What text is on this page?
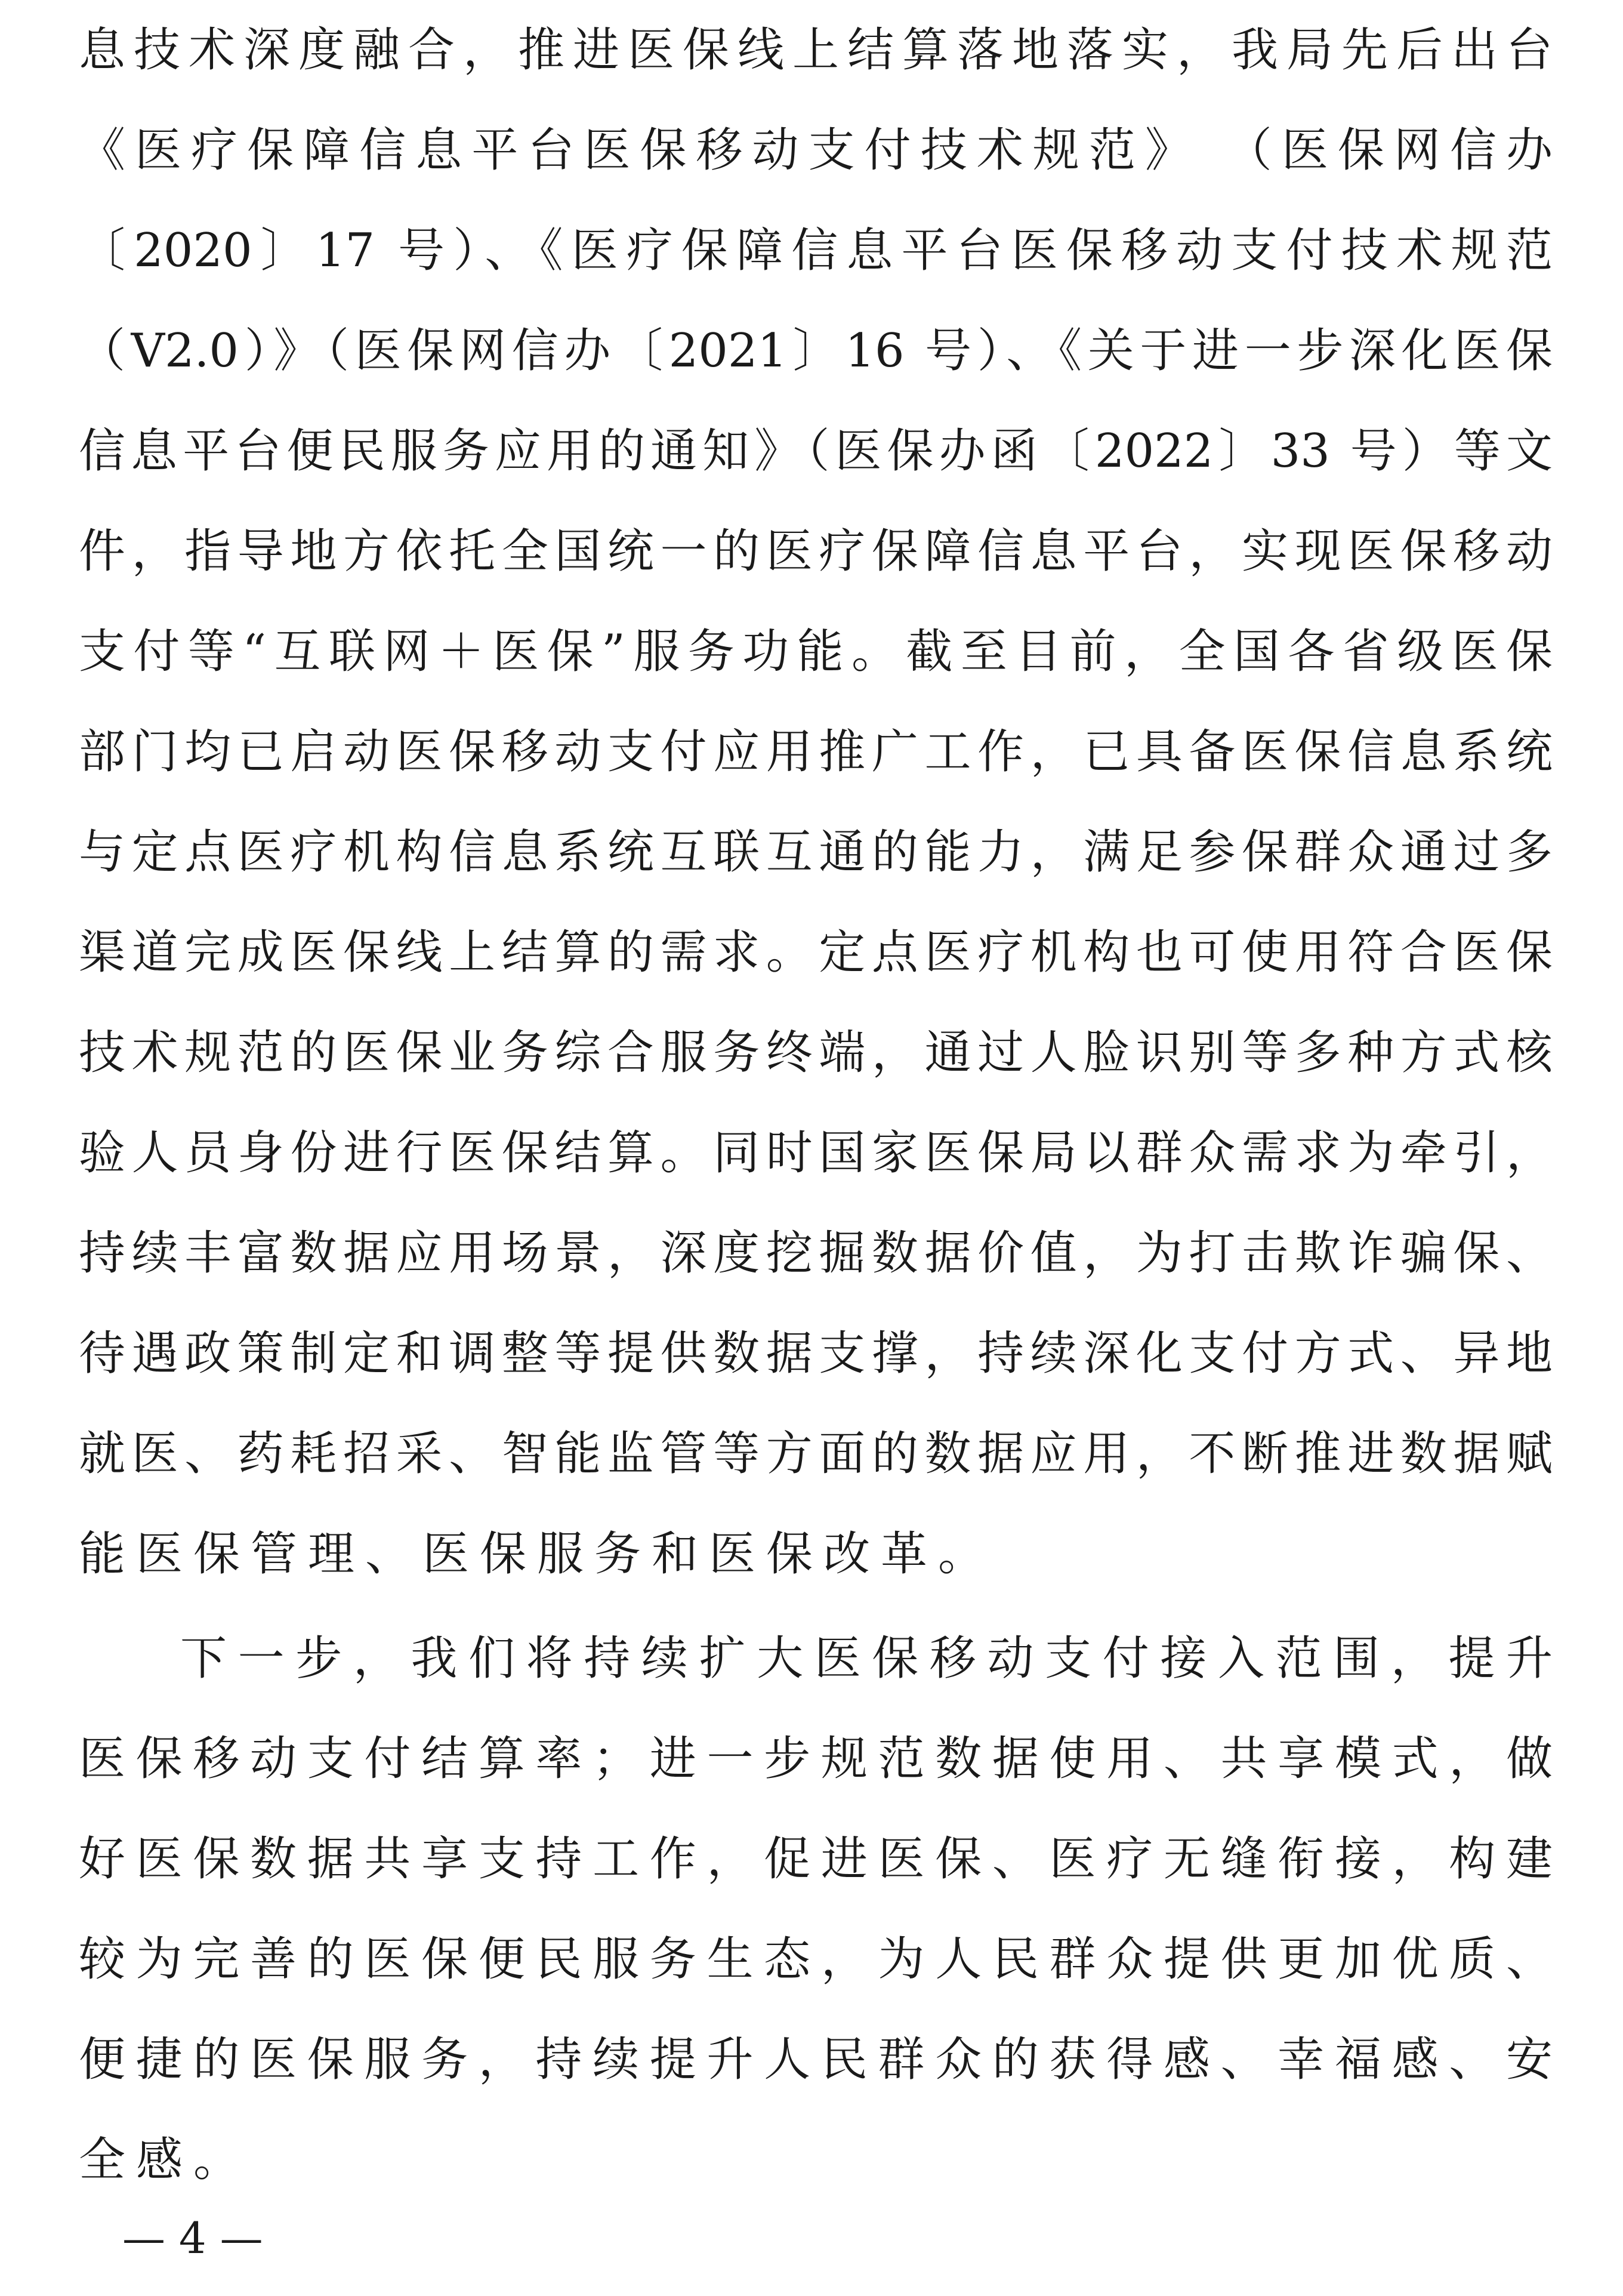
息技术深度融合，推进医保线上结算落地落实，我局先后出台
《医疗保障信息平台医保移动支付技术规范》 （医保网信办
〔2020〕17 号）、《医疗保障信息平台医保移动支付技术规范
（V2.0）》（医保网信办〔2021〕16 号）、《关于进一步深化医保
信息平台便民服务应用的通知》（医保办函〔2022〕33 号）等文
件，指导地方依托全国统一的医疗保障信息平台，实现医保移动
支付等“互联网＋医保”服务功能。截至目前，全国各省级医保
部门均已启动医保移动支付应用推广工作，已具备医保信息系统
与定点医疗机构信息系统互联互通的能力，满足参保群众通过多
渠道完成医保线上结算的需求。定点医疗机构也可使用符合医保
技术规范的医保业务综合服务终端，通过人脸识别等多种方式核
验人员身份进行医保结算。同时国家医保局以群众需求为牵引，
持续丰富数据应用场景，深度挖掘数据价值，为打击欺诈骗保、
待遇政策制定和调整等提供数据支撑，持续深化支付方式、异地
就医、药耗招采、智能监管等方面的数据应用，不断推进数据赋
能医保管理、医保服务和医保改革。
下一步，我们将持续扩大医保移动支付接入范围，提升
医保移动支付结算率；进一步规范数据使用、共享模式，做
好医保数据共享支持工作，促进医保、医疗无缝衔接，构建
较为完善的医保便民服务生态，为人民群众提供更加优质、
便捷的医保服务，持续提升人民群众的获得感、幸福感、安
全感。
— 4 —
